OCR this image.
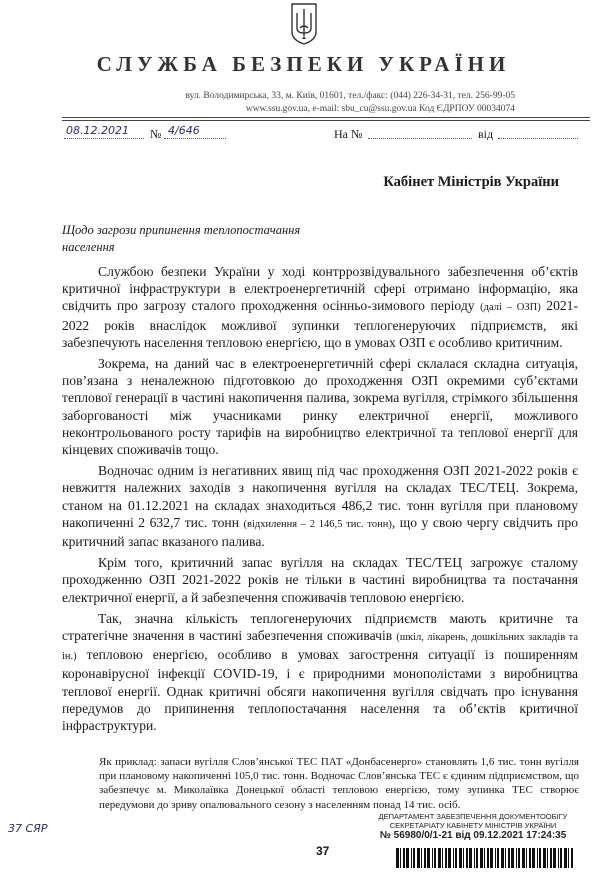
СЛУЖБА БЕЗПЕКИ УКРАЇНИ
вул. Володимирська, 33, м. Київ, 01601, тел./факс: (044) 226-34-31, тел. 256-99-05
www.ssu.gov.ua, e-mail: sbu_cu@ssu.gov.ua Код ЄДРПОУ 00034074
08.12.2021 № 4/646	На №	від
Кабінет Міністрів України
Щодо загрози припинення теплопостачання населення

Службою безпеки України у ході контррозвідувального забезпечення об’єктів критичної інфраструктури в електроенергетичній сфері отримано інформацію, яка свідчить про загрозу сталого проходження осінньо-зимового періоду (далі – ОЗП) 2021-2022 років внаслідок можливої зупинки теплогенеруючих підприємств, які забезпечують населення тепловою енергією, що в умовах ОЗП є особливо критичним.

Зокрема, на даний час в електроенергетичній сфері склалася складна ситуація, пов’язана з неналежною підготовкою до проходження ОЗП окремими суб’єктами теплової генерації в частині накопичення палива, зокрема вугілля, стрімкого збільшення заборгованості між учасниками ринку електричної енергії, можливого неконтрольованого росту тарифів на виробництво електричної та теплової енергії для кінцевих споживачів тощо.

Водночас одним із негативних явищ під час проходження ОЗП 2021-2022 років є невжиття належних заходів з накопичення вугілля на складах ТЕС/ТЕЦ. Зокрема, станом на 01.12.2021 на складах знаходиться 486,2 тис. тонн вугілля при плановому накопиченні 2 632,7 тис. тонн (відхилення – 2 146,5 тис. тонн), що у свою чергу свідчить про критичний запас вказаного палива.

Крім того, критичний запас вугілля на складах ТЕС/ТЕЦ загрожує сталому проходженню ОЗП 2021-2022 років не тільки в частині виробництва та постачання електричної енергії, а й забезпечення споживачів тепловою енергією.

Так, значна кількість теплогенеруючих підприємств мають критичне та стратегічне значення в частині забезпечення споживачів (шкіл, лікарень, дошкільних закладів та ін.) тепловою енергією, особливо в умовах загострення ситуації із поширенням коронавірусної інфекції COVID-19, і є природними монополістами з виробництва теплової енергії. Однак критичні обсяги накопичення вугілля свідчать про існування передумов до припинення теплопостачання населення та об’єктів критичної інфраструктури.

Як приклад: запаси вугілля Слов’янської ТЕС ПАТ «Донбасенерго» становлять 1,6 тис. тонн вугілля при плановому накопиченні 105,0 тис. тонн. Водночас Слов’янська ТЕС є єдиним підприємством, що забезпечує м. Миколаївка Донецької області тепловою енергією, тому зупинка ТЕС створює передумови до зриву опалювального сезону з населенням понад 14 тис. осіб.

ДЕПАРТАМЕНТ ЗАБЕЗПЕЧЕННЯ ДОКУМЕНТООБІГУ
СЕКРЕТАРІАТУ КАБІНЕТУ МІНІСТРІВ УКРАЇНИ
№ 56980/0/1-21 від 09.12.2021 17:24:35
37
37 СЯР
